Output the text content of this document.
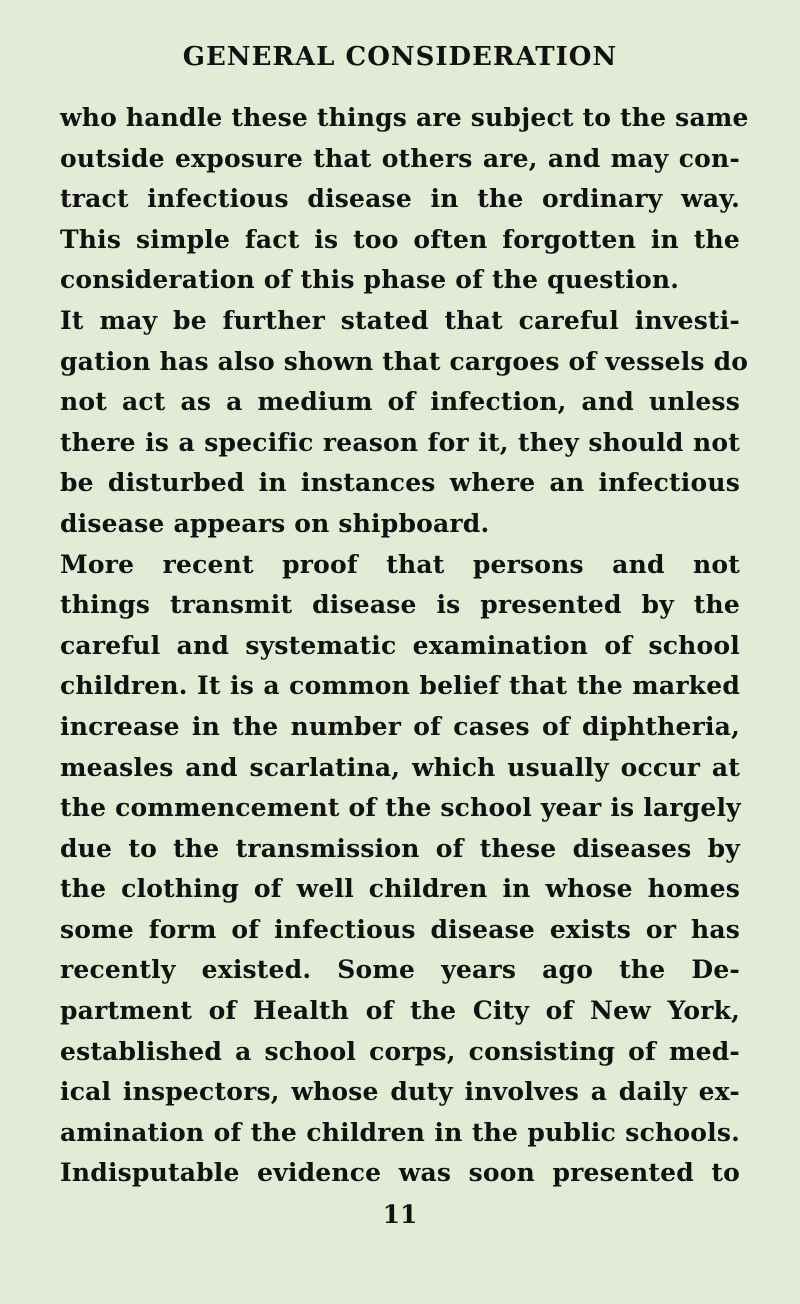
GENERAL CONSIDERATION
who handle these things are subject to the same
outside exposure that others are, and may con-
tract infectious disease in the ordinary way.
This simple fact is too often forgotten in the
consideration of this phase of the question.
It may be further stated that careful investi-
gation has also shown that cargoes of vessels do
not act as a medium of infection, and unless
there is a specific reason for it, they should not
be disturbed in instances where an infectious
disease appears on shipboard.
More recent proof that persons and not
things transmit disease is presented by the
careful and systematic examination of school
children. It is a common belief that the marked
increase in the number of cases of diphtheria,
measles and scarlatina, which usually occur at
the commencement of the school year is largely
due to the transmission of these diseases by
the clothing of well children in whose homes
some form of infectious disease exists or has
recently existed. Some years ago the De-
partment of Health of the City of New York,
established a school corps, consisting of med-
ical inspectors, whose duty involves a daily ex-
amination of the children in the public schools.
Indisputable evidence was soon presented to
11
